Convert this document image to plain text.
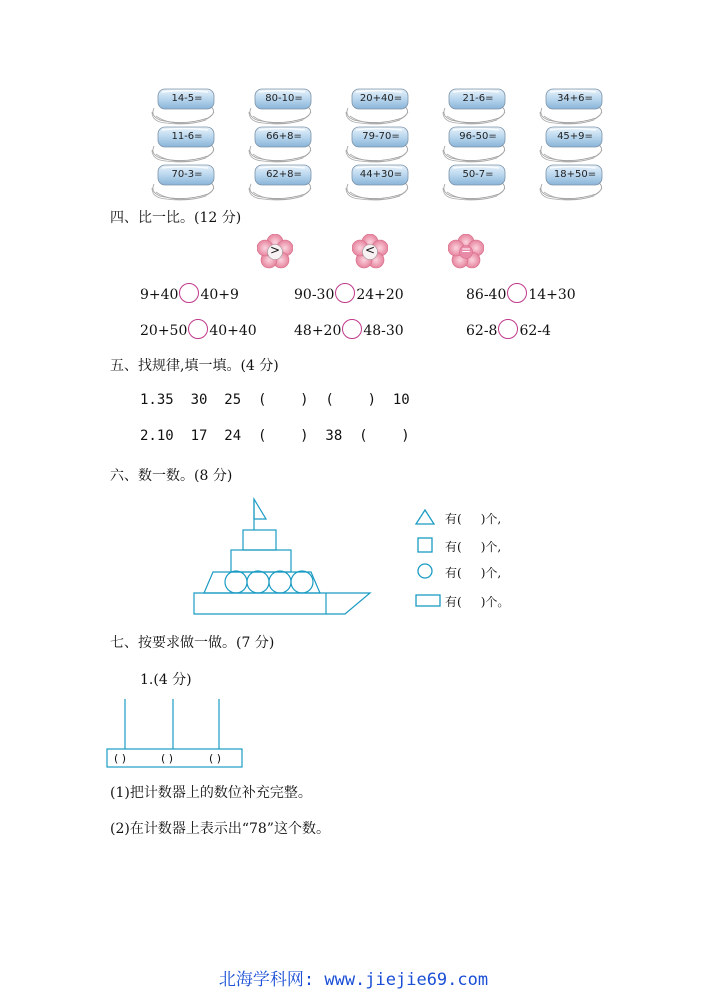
14-5=	80-10=	20+40=	21-6=	34+6=
11-6=	66+8=	79-70=	96-50=	45+9=
70-3=	62+8=	44+30=	50-7=	18+50=
四、比一比。(12 分)
>	<	=
9+40 40+9	90-30 24+20	86-40 14+30
20+50 40+40	48+20 48-30	62-8 62-4
五、找规律,填一填。(4 分)
1.35  30  25  (    )  (    )  10
2.10  17  24  (    )  38  (    )
六、数一数。(8 分)
有(     )个,
有(     )个,
有(     )个,
有(     )个。
七、按要求做一做。(7 分)
1.(4 分)
( )	( )	( )
(1)把计数器上的数位补充完整。
(2)在计数器上表示出“78”这个数。
北海学科网: www.jiejie69.com
